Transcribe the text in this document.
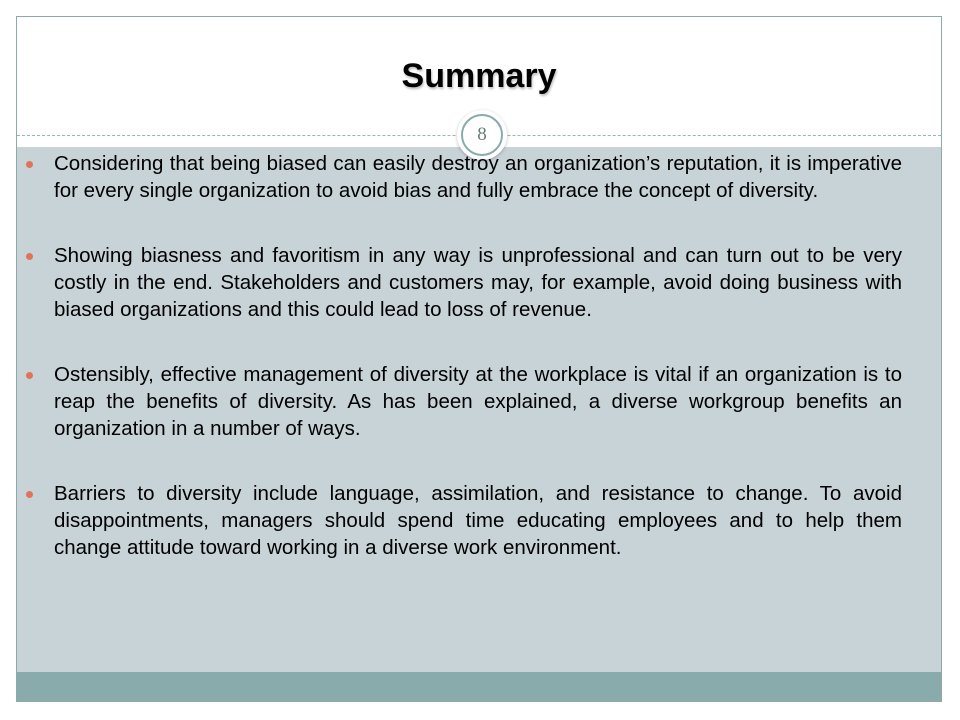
Summary
8
Considering that being biased can easily destroy an organization’s reputation, it is imperative for every single organization to avoid bias and fully embrace the concept of diversity.
Showing biasness and favoritism in any way is unprofessional and can turn out to be very costly in the end. Stakeholders and customers may, for example, avoid doing business with biased organizations and this could lead to loss of revenue.
Ostensibly, effective management of diversity at the workplace is vital if an organization is to reap the benefits of diversity. As has been explained, a diverse workgroup benefits an organization in a number of ways.
Barriers to diversity include language, assimilation, and resistance to change. To avoid disappointments, managers should spend time educating employees and to help them change attitude toward working in a diverse work environment.
